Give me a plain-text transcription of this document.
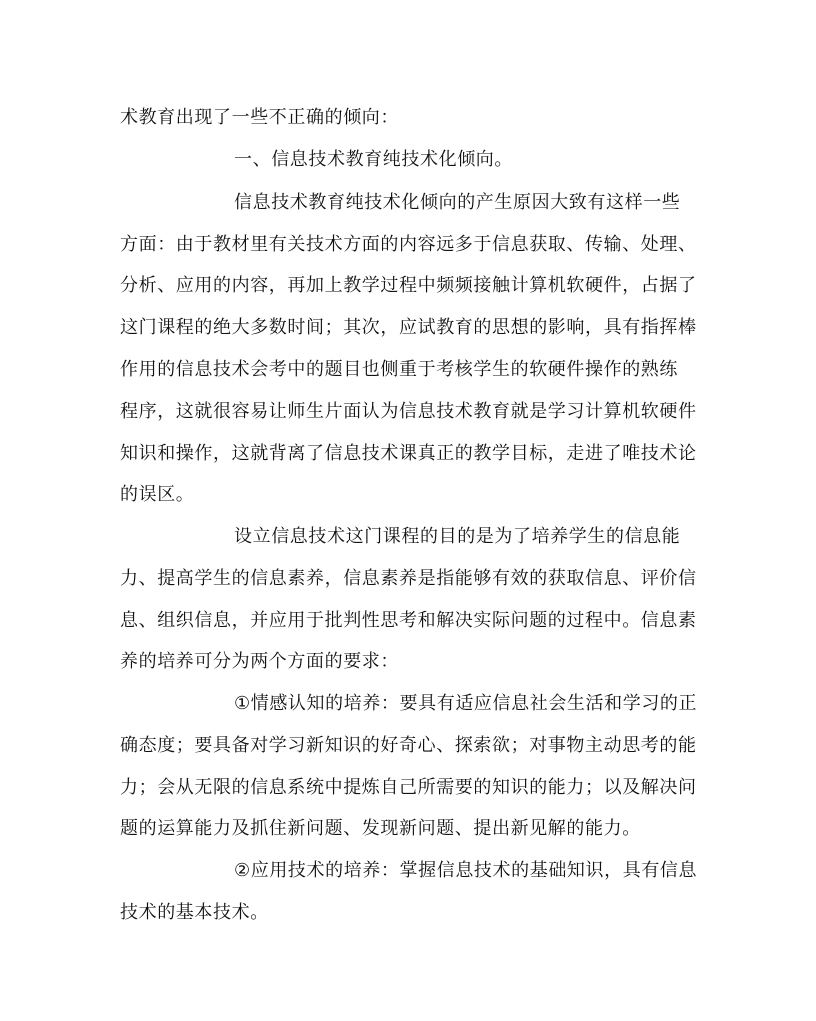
术教育出现了一些不正确的倾向：
一、信息技术教育纯技术化倾向。
信息技术教育纯技术化倾向的产生原因大致有这样一些
方面：由于教材里有关技术方面的内容远多于信息获取、传输、处理、
分析、应用的内容，再加上教学过程中频频接触计算机软硬件，占据了
这门课程的绝大多数时间；其次，应试教育的思想的影响，具有指挥棒
作用的信息技术会考中的题目也侧重于考核学生的软硬件操作的熟练
程序，这就很容易让师生片面认为信息技术教育就是学习计算机软硬件
知识和操作，这就背离了信息技术课真正的教学目标，走进了唯技术论
的误区。
设立信息技术这门课程的目的是为了培养学生的信息能
力、提高学生的信息素养，信息素养是指能够有效的获取信息、评价信
息、组织信息，并应用于批判性思考和解决实际问题的过程中。信息素
养的培养可分为两个方面的要求：
①情感认知的培养：要具有适应信息社会生活和学习的正
确态度；要具备对学习新知识的好奇心、探索欲；对事物主动思考的能
力；会从无限的信息系统中提炼自己所需要的知识的能力；以及解决问
题的运算能力及抓住新问题、发现新问题、提出新见解的能力。
②应用技术的培养：掌握信息技术的基础知识，具有信息
技术的基本技术。
